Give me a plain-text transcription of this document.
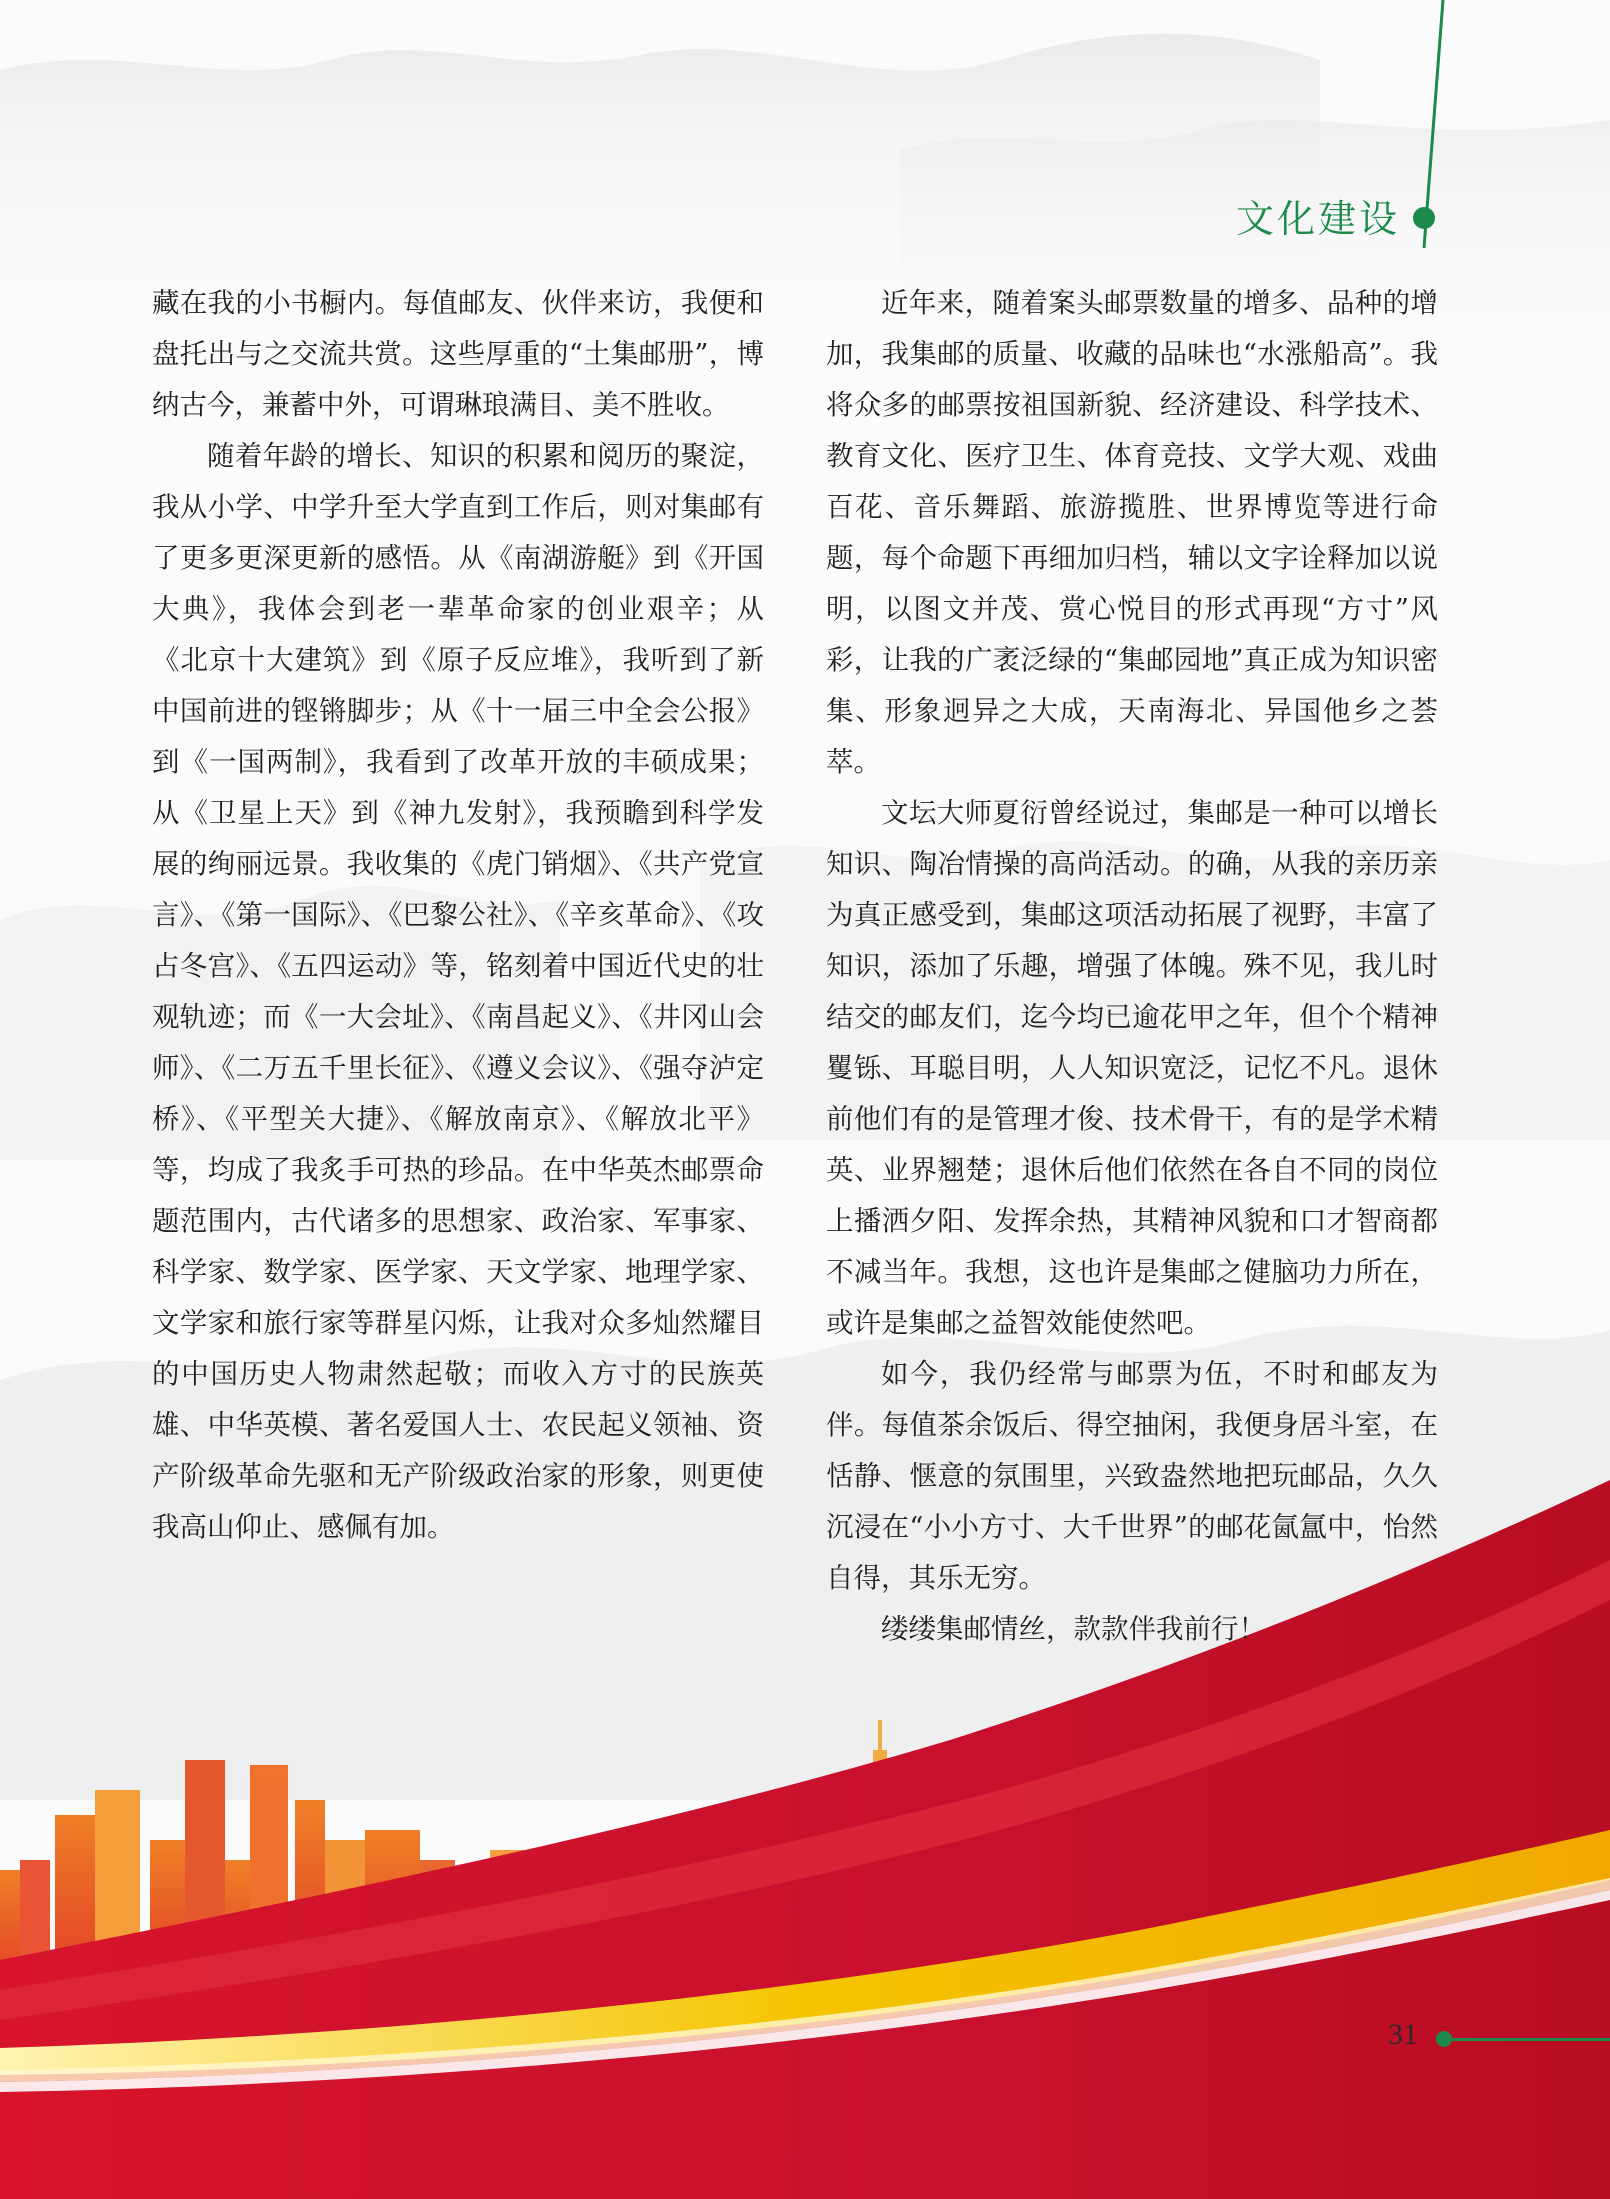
文化建设

藏在我的小书橱内。每值邮友、伙伴来访，我便和盘托出与之交流共赏。这些厚重的“土集邮册”，博纳古今，兼蓄中外，可谓琳琅满目、美不胜收。

随着年龄的增长、知识的积累和阅历的聚淀，我从小学、中学升至大学直到工作后，则对集邮有了更多更深更新的感悟。从《南湖游艇》到《开国大典》，我体会到老一辈革命家的创业艰辛；从《北京十大建筑》到《原子反应堆》，我听到了新中国前进的铿锵脚步；从《十一届三中全会公报》到《一国两制》，我看到了改革开放的丰硕成果；从《卫星上天》到《神九发射》，我预瞻到科学发展的绚丽远景。我收集的《虎门销烟》、《共产党宣言》、《第一国际》、《巴黎公社》、《辛亥革命》、《攻占冬宫》、《五四运动》等，铭刻着中国近代史的壮观轨迹；而《一大会址》、《南昌起义》、《井冈山会师》、《二万五千里长征》、《遵义会议》、《强夺泸定桥》、《平型关大捷》、《解放南京》、《解放北平》等，均成了我炙手可热的珍品。在中华英杰邮票命题范围内，古代诸多的思想家、政治家、军事家、科学家、数学家、医学家、天文学家、地理学家、文学家和旅行家等群星闪烁，让我对众多灿然耀目的中国历史人物肃然起敬；而收入方寸的民族英雄、中华英模、著名爱国人士、农民起义领袖、资产阶级革命先驱和无产阶级政治家的形象，则更使我高山仰止、感佩有加。

近年来，随着案头邮票数量的增多、品种的增加，我集邮的质量、收藏的品味也“水涨船高”。我将众多的邮票按祖国新貌、经济建设、科学技术、教育文化、医疗卫生、体育竞技、文学大观、戏曲百花、音乐舞蹈、旅游揽胜、世界博览等进行命题，每个命题下再细加归档，辅以文字诠释加以说明，以图文并茂、赏心悦目的形式再现“方寸”风彩，让我的广袤泛绿的“集邮园地”真正成为知识密集、形象迥异之大成，天南海北、异国他乡之荟萃。

文坛大师夏衍曾经说过，集邮是一种可以增长知识、陶冶情操的高尚活动。的确，从我的亲历亲为真正感受到，集邮这项活动拓展了视野，丰富了知识，添加了乐趣，增强了体魄。殊不见，我儿时结交的邮友们，迄今均已逾花甲之年，但个个精神矍铄、耳聪目明，人人知识宽泛，记忆不凡。退休前他们有的是管理才俊、技术骨干，有的是学术精英、业界翘楚；退休后他们依然在各自不同的岗位上播洒夕阳、发挥余热，其精神风貌和口才智商都不减当年。我想，这也许是集邮之健脑功力所在，或许是集邮之益智效能使然吧。

如今，我仍经常与邮票为伍，不时和邮友为伴。每值茶余饭后、得空抽闲，我便身居斗室，在恬静、惬意的氛围里，兴致盎然地把玩邮品，久久沉浸在“小小方寸、大千世界”的邮花氤氲中，怡然自得，其乐无穷。

缕缕集邮情丝，款款伴我前行！

31
